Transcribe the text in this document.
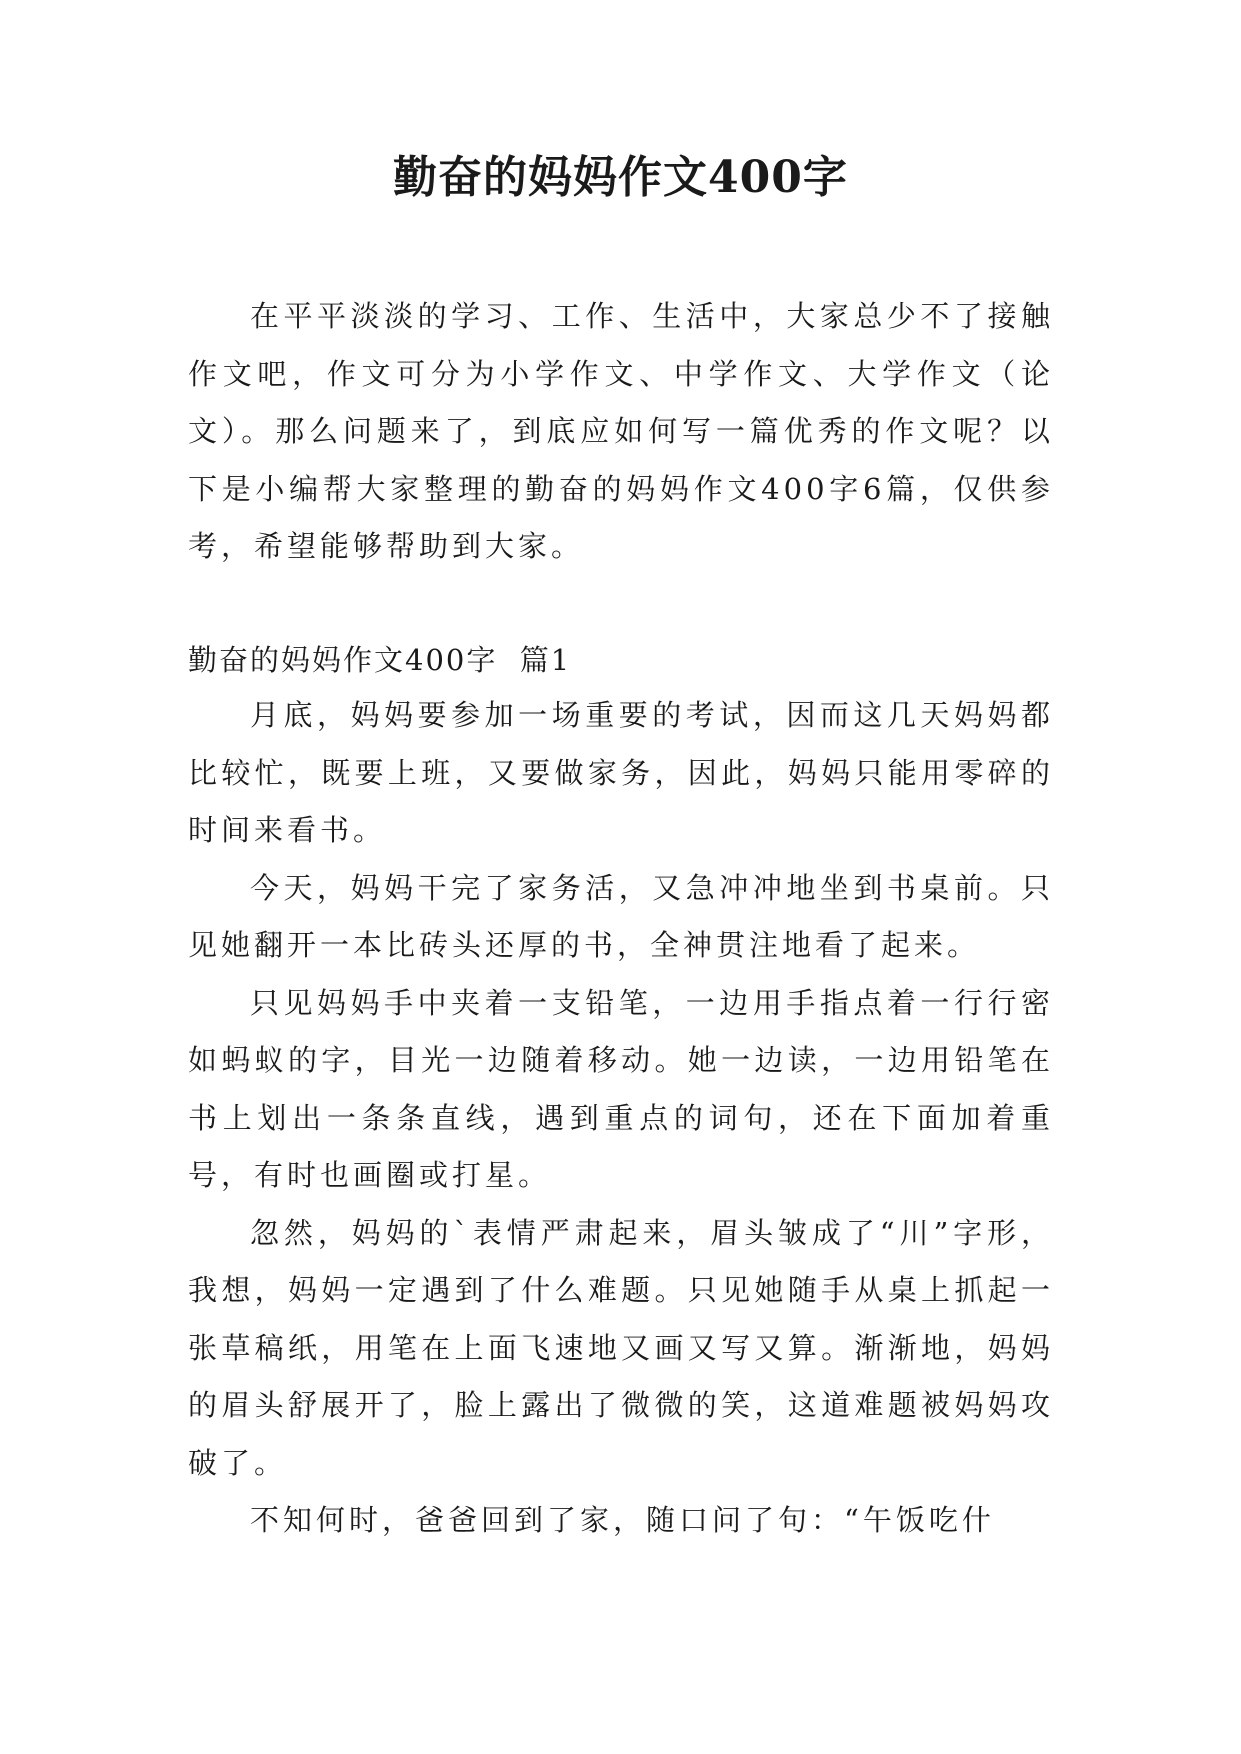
勤奋的妈妈作文400字

在平平淡淡的学习、工作、生活中，大家总少不了接触作文吧，作文可分为小学作文、中学作文、大学作文（论文）。那么问题来了，到底应如何写一篇优秀的作文呢？以下是小编帮大家整理的勤奋的妈妈作文400字6篇，仅供参考，希望能够帮助到大家。

勤奋的妈妈作文400字  篇1

月底，妈妈要参加一场重要的考试，因而这几天妈妈都比较忙，既要上班，又要做家务，因此，妈妈只能用零碎的时间来看书。

今天，妈妈干完了家务活，又急冲冲地坐到书桌前。只见她翻开一本比砖头还厚的书，全神贯注地看了起来。

只见妈妈手中夹着一支铅笔，一边用手指点着一行行密如蚂蚁的字，目光一边随着移动。她一边读，一边用铅笔在书上划出一条条直线，遇到重点的词句，还在下面加着重号，有时也画圈或打星。

忽然，妈妈的`表情严肃起来，眉头皱成了“川”字形，我想，妈妈一定遇到了什么难题。只见她随手从桌上抓起一张草稿纸，用笔在上面飞速地又画又写又算。渐渐地，妈妈的眉头舒展开了，脸上露出了微微的笑，这道难题被妈妈攻破了。

不知何时，爸爸回到了家，随口问了句：“午饭吃什
